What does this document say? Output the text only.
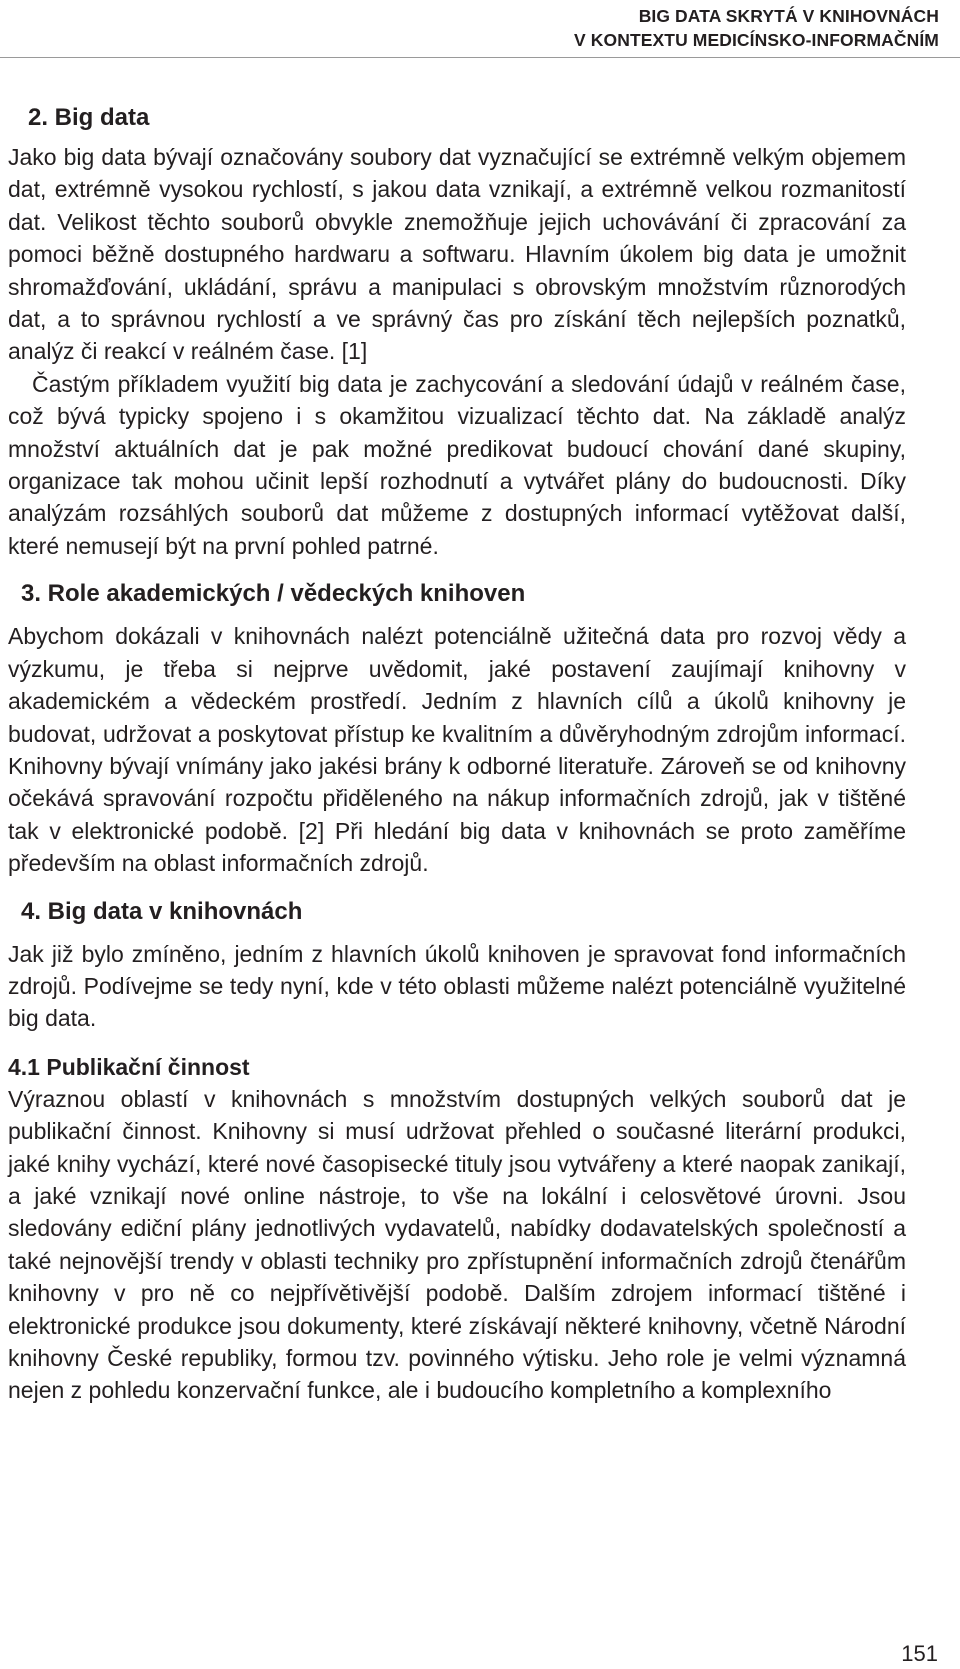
BIG DATA SKRYTÁ V KNIHOVNÁCH
V KONTEXTU MEDICÍNSKO-INFORMAČNÍM
2. Big data

Jako big data bývají označovány soubory dat vyznačující se extrémně velkým objemem dat, extrémně vysokou rychlostí, s jakou data vznikají, a extrémně velkou rozmanitostí dat. Velikost těchto souborů obvykle znemožňuje jejich uchovávání či zpracování za pomoci běžně dostupného hardwaru a softwaru. Hlavním úkolem big data je umožnit shromažďování, ukládání, správu a manipulaci s obrovským množstvím různorodých dat, a to správnou rychlostí a ve správný čas pro získání těch nejlepších poznatků, analýz či reakcí v reálném čase. [1]

Častým příkladem využití big data je zachycování a sledování údajů v reálném čase, což bývá typicky spojeno i s okamžitou vizualizací těchto dat. Na základě analýz množství aktuálních dat je pak možné predikovat budoucí chování dané skupiny, organizace tak mohou učinit lepší rozhodnutí a vytvářet plány do budoucnosti. Díky analýzám rozsáhlých souborů dat můžeme z dostupných informací vytěžovat další, které nemusejí být na první pohled patrné.

3. Role akademických / vědeckých knihoven

Abychom dokázali v knihovnách nalézt potenciálně užitečná data pro rozvoj vědy a výzkumu, je třeba si nejprve uvědomit, jaké postavení zaujímají knihovny v akademickém a vědeckém prostředí. Jedním z hlavních cílů a úkolů knihovny je budovat, udržovat a poskytovat přístup ke kvalitním a důvěryhodným zdrojům informací. Knihovny bývají vnímány jako jakési brány k odborné literatuře. Zároveň se od knihovny očekává spravování rozpočtu přiděleného na nákup informačních zdrojů, jak v tištěné tak v elektronické podobě. [2] Při hledání big data v knihovnách se proto zaměříme především na oblast informačních zdrojů.

4. Big data v knihovnách

Jak již bylo zmíněno, jedním z hlavních úkolů knihoven je spravovat fond informačních zdrojů. Podívejme se tedy nyní, kde v této oblasti můžeme nalézt potenciálně využitelné big data.

4.1 Publikační činnost

Výraznou oblastí v knihovnách s množstvím dostupných velkých souborů dat je publikační činnost. Knihovny si musí udržovat přehled o současné literární produkci, jaké knihy vychází, které nové časopisecké tituly jsou vytvářeny a které naopak zanikají, a jaké vznikají nové online nástroje, to vše na lokální i celosvětové úrovni. Jsou sledovány ediční plány jednotlivých vydavatelů, nabídky dodavatelských společností a také nejnovější trendy v oblasti techniky pro zpřístupnění informačních zdrojů čtenářům knihovny v pro ně co nejpřívětivější podobě. Dalším zdrojem informací tištěné i elektronické produkce jsou dokumenty, které získávají některé knihovny, včetně Národní knihovny České republiky, formou tzv. povinného výtisku. Jeho role je velmi významná nejen z pohledu konzervační funkce, ale i budoucího kompletního a komplexního

151
